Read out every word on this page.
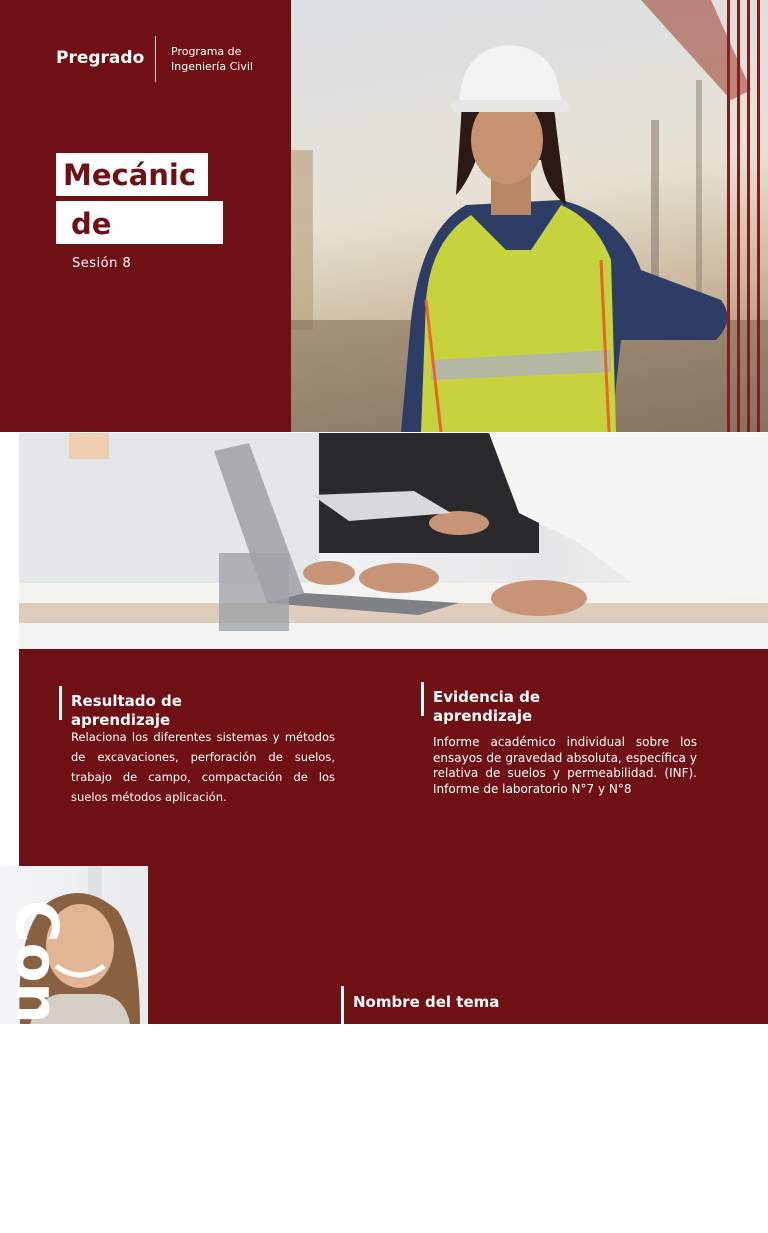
Pregrado Programa de
Ingeniería Civil
Mecánic
de
Sesión 8
Resultado de aprendizaje
Relaciona los diferentes sistemas y métodos de excavaciones, perforación de suelos, trabajo de campo, compactación de los suelos métodos aplicación.
Evidencia de aprendizaje
Informe académico individual sobre los ensayos de gravedad absoluta, específica y relativa de suelos y permeabilidad. (INF). Informe de laboratorio N°7 y N°8
Contenido	Nombre del tema
